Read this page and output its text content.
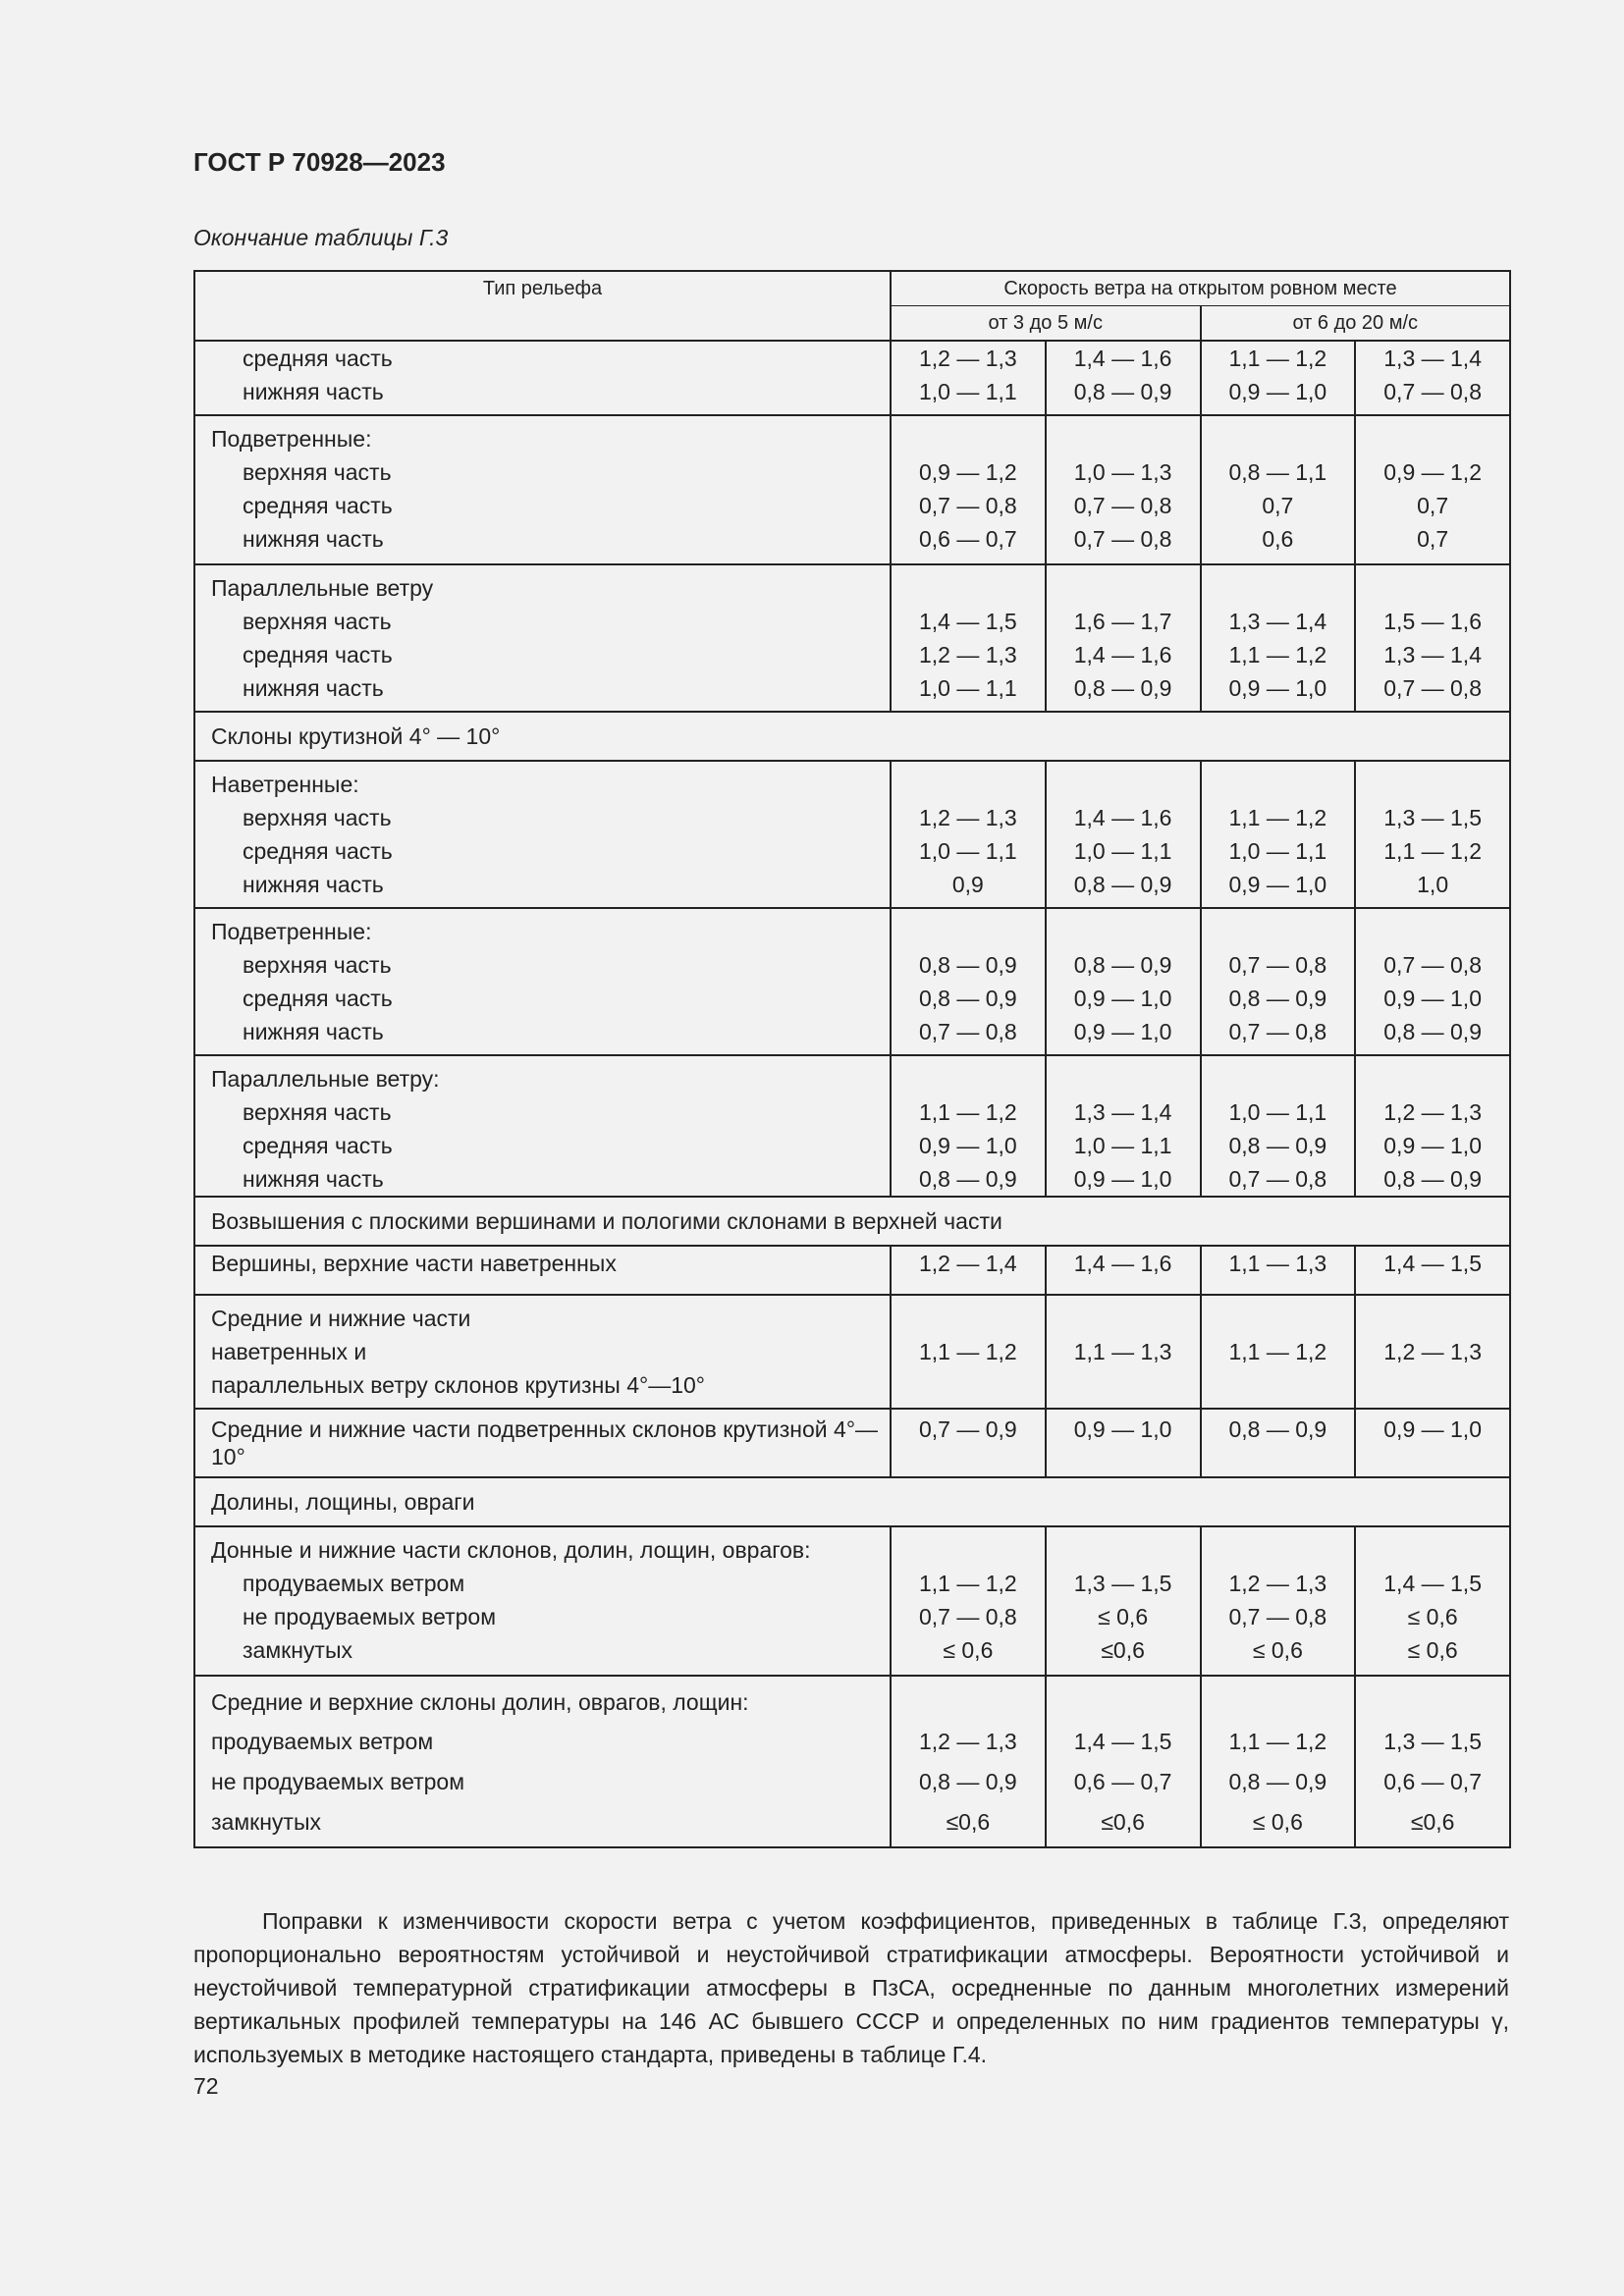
ГОСТ Р 70928—2023
Окончание таблицы Г.3
Тип рельефа	Скорость ветра на открытом ровном месте			
	от 3 до 5 м/с		от 6 до 20 м/с	
средняя часть	1,2 — 1,3	1,4 — 1,6	1,1 — 1,2	1,3 — 1,4
нижняя часть	1,0 — 1,1	0,8 — 0,9	0,9 — 1,0	0,7 — 0,8
Подветренные:				
верхняя часть	0,9 — 1,2	1,0 — 1,3	0,8 — 1,1	0,9 — 1,2
средняя часть	0,7 — 0,8	0,7 — 0,8	0,7	0,7
нижняя часть	0,6 — 0,7	0,7 — 0,8	0,6	0,7
Параллельные ветру				
верхняя часть	1,4 — 1,5	1,6 — 1,7	1,3 — 1,4	1,5 — 1,6
средняя часть	1,2 — 1,3	1,4 — 1,6	1,1 — 1,2	1,3 — 1,4
нижняя часть	1,0 — 1,1	0,8 — 0,9	0,9 — 1,0	0,7 — 0,8
Склоны крутизной 4° — 10°				
Наветренные:				
верхняя часть	1,2 — 1,3	1,4 — 1,6	1,1 — 1,2	1,3 — 1,5
средняя часть	1,0 — 1,1	1,0 — 1,1	1,0 — 1,1	1,1 — 1,2
нижняя часть	0,9	0,8 — 0,9	0,9 — 1,0	1,0
Подветренные:				
верхняя часть	0,8 — 0,9	0,8 — 0,9	0,7 — 0,8	0,7 — 0,8
средняя часть	0,8 — 0,9	0,9 — 1,0	0,8 — 0,9	0,9 — 1,0
нижняя часть	0,7 — 0,8	0,9 — 1,0	0,7 — 0,8	0,8 — 0,9
Параллельные ветру:				
верхняя часть	1,1 — 1,2	1,3 — 1,4	1,0 — 1,1	1,2 — 1,3
средняя часть	0,9 — 1,0	1,0 — 1,1	0,8 — 0,9	0,9 — 1,0
нижняя часть	0,8 — 0,9	0,9 — 1,0	0,7 — 0,8	0,8 — 0,9
Возвышения с плоскими вершинами и пологими склонами в верхней части				
Вершины, верхние части наветренных	1,2 — 1,4	1,4 — 1,6	1,1 — 1,3	1,4 — 1,5

Средние и нижние части
наветренных и
параллельных ветру склонов крутизны 4°—10°	1,1 — 1,2	1,1 — 1,3	1,1 — 1,2	1,2 — 1,3
Средние и нижние части подветренных склонов крутизной 4°—10°	0,7 — 0,9	0,9 — 1,0	0,8 — 0,9	0,9 — 1,0
Долины, лощины, овраги				
Донные и нижние части склонов, долин, лощин, оврагов:				
продуваемых ветром	1,1 — 1,2	1,3 — 1,5	1,2 — 1,3	1,4 — 1,5
не продуваемых ветром	0,7 — 0,8	≤ 0,6	0,7 — 0,8	≤ 0,6
замкнутых	≤ 0,6	≤0,6	≤ 0,6	≤ 0,6
Средние и верхние склоны долин, оврагов, лощин:				
продуваемых ветром	1,2 — 1,3	1,4 — 1,5	1,1 — 1,2	1,3 — 1,5
не продуваемых ветром	0,8 — 0,9	0,6 — 0,7	0,8 — 0,9	0,6 — 0,7
замкнутых	≤0,6	≤0,6	≤ 0,6	≤0,6

Поправки к изменчивости скорости ветра с учетом коэффициентов, приведенных в таблице Г.3, определяют пропорционально вероятностям устойчивой и неустойчивой стратификации атмосферы. Вероятности устойчивой и неустойчивой температурной стратификации атмосферы в ПзСА, осредненные по данным многолетних измерений вертикальных профилей температуры на 146 АС бывшего СССР и определенных по ним градиентов температуры γ, используемых в методике настоящего стандарта, приведены в таблице Г.4.

72
